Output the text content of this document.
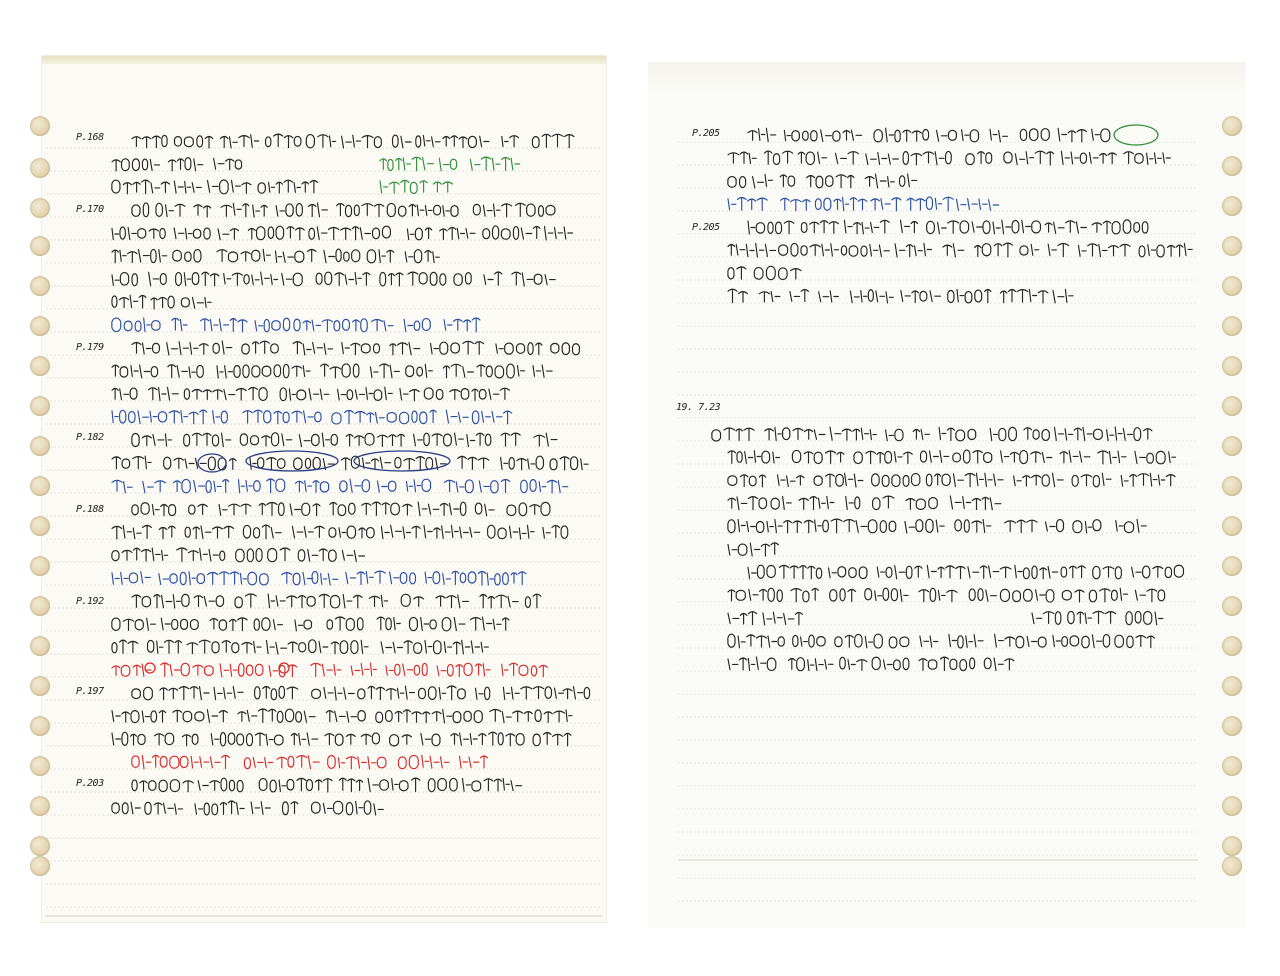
P.168
P.170
P.179
P.182
P.188
P.192
P.197
P.203
P.205
P.205
19. 7.23
